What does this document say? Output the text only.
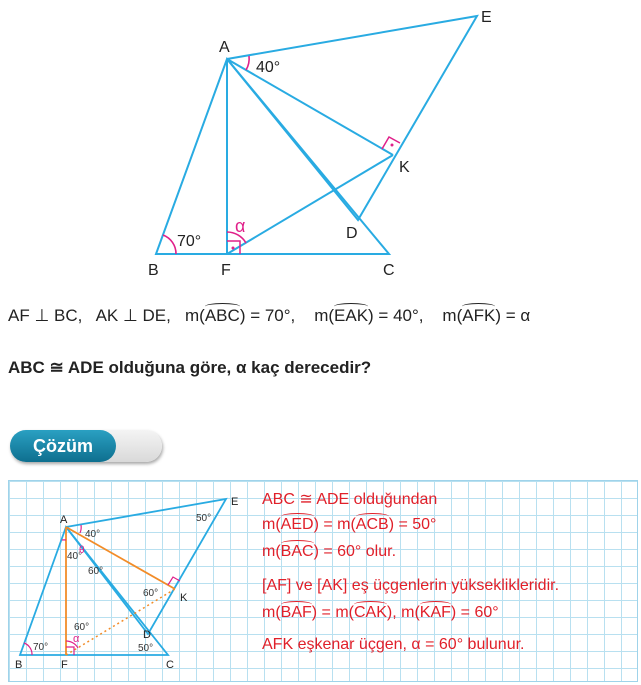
A
B	C
D
E
F
K
70°
40°
α
AF ⊥ BC, AK ⊥ DE, m(ABC) = 70°, m(EAK) = 40°, m(AFK) = α
ABC ≅ ADE olduğuna göre, α kaç derecedir?
Çözüm
A
B	C
D
E
F
K
70°
40°
50°
40°
60°
60°
60°
50°
θ
α
ABC ≅ ADE olduğundan
m(AED) = m(ACB) = 50°
m(BAC) = 60° olur.
[AF] ve [AK] eş üçgenlerin yükseklikleridir.
m(BAF) = m(CAK), m(KAF) = 60°
AFK eşkenar üçgen, α = 60° bulunur.
